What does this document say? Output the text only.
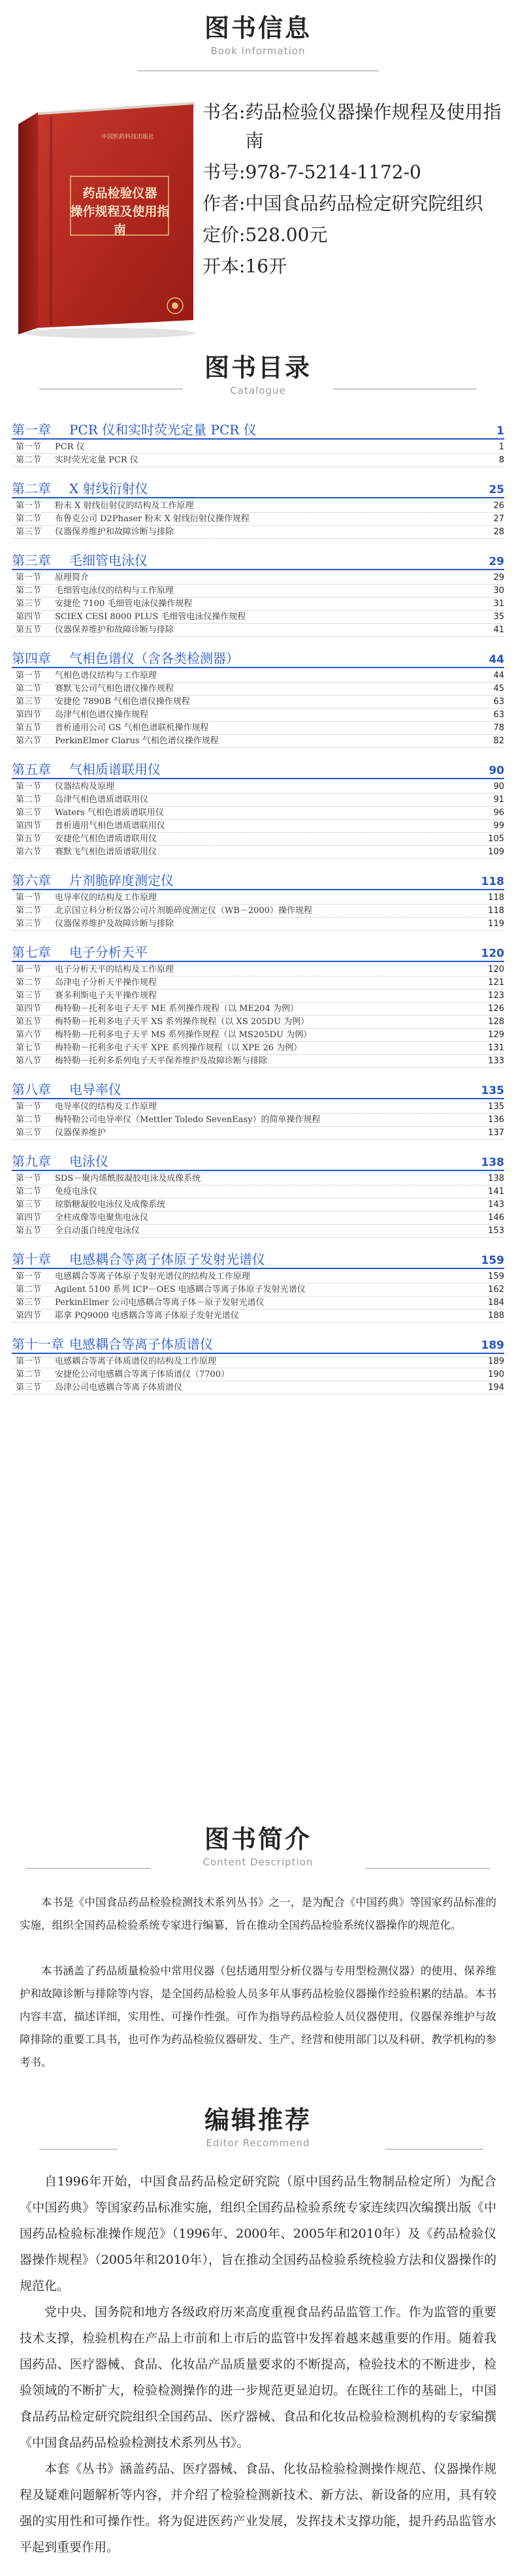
图书信息
Book Information
中国医药科技出版社
药品检验仪器
操作规程及使用指南
书名: 药品检验仪器操作规程及使用指南
书号: 978-7-5214-1172-0
作者: 中国食品药品检定研究院组织
定价: 528.00元
开本: 16开
图书目录
Catalogue
第一章	PCR 仪和实时荧光定量 PCR 仪	1
第一节	PCR 仪	1
第二节	实时荧光定量 PCR 仪	8
第二章	X 射线衍射仪	25
第一节	粉末 X 射线衍射仪的结构及工作原理	26
第二节	布鲁克公司 D2Phaser 粉末 X 射线衍射仪操作规程	27
第三节	仪器保养维护和故障诊断与排除	28
第三章	毛细管电泳仪	29
第一节	原理简介	29
第二节	毛细管电泳仪的结构与工作原理	30
第三节	安捷伦 7100 毛细管电泳仪操作规程	31
第四节	SCIEX CESI 8000 PLUS 毛细管电泳仪操作规程	35
第五节	仪器保养维护和故障诊断与排除	41
第四章	气相色谱仪（含各类检测器）	44
第一节	气相色谱仪结构与工作原理	44
第二节	赛默飞公司气相色谱仪操作规程	45
第三节	安捷伦 7890B 气相色谱仪操作规程	63
第四节	岛津气相色谱仪操作规程	63
第五节	普析通用公司 GS 气相色谱联机操作规程	78
第六节	PerkinElmer Clarus 气相色谱仪操作规程	82
第五章	气相质谱联用仪	90
第一节	仪器结构及原理	90
第二节	岛津气相色谱质谱联用仪	91
第三节	Waters 气相色谱质谱联用仪	96
第四节	普析通用气相色谱质谱联用仪	99
第五节	安捷伦气相色谱质谱联用仪	105
第六节	赛默飞气相色谱质谱联用仪	109
第六章	片剂脆碎度测定仪	118
第一节	电导率仪的结构及工作原理	118
第二节	北京国立科分析仪器公司片剂脆碎度测定仪（WB－2000）操作规程	118
第三节	仪器保养维护及故障诊断与排除	119
第七章	电子分析天平	120
第一节	电子分析天平的结构及工作原理	120
第二节	岛津电子分析天平操作规程	121
第三节	赛多利斯电子天平操作规程	123
第四节	梅特勒－托利多电子天平 ME 系列操作规程（以 ME204 为例）	126
第五节	梅特勒－托利多电子天平 XS 系列操作规程（以 XS 205DU 为例）	128
第六节	梅特勒－托利多电子天平 MS 系列操作规程（以 MS205DU 为例）	129
第七节	梅特勒－托利多电子天平 XPE 系列操作规程（以 XPE 26 为例）	131
第八节	梅特勒－托利多系列电子天平保养维护及故障诊断与排除	133
第八章	电导率仪	135
第一节	电导率仪的结构及工作原理	135
第二节	梅特勒公司电导率仪（Mettler Toledo SevenEasy）的简单操作规程	136
第三节	仪器保养维护	137
第九章	电泳仪	138
第一节	SDS－聚丙烯酰胺凝胶电泳及成像系统	138
第二节	免疫电泳仪	141
第三节	琼脂糖凝胶电泳仪及成像系统	143
第四节	全柱成像等电聚焦电泳仪	146
第五节	全自动蛋白纯度电泳仪	153
第十章	电感耦合等离子体原子发射光谱仪	159
第一节	电感耦合等离子体原子发射光谱仪的结构及工作原理	159
第二节	Agilent 5100 系列 ICP－OES 电感耦合等离子体原子发射光谱仪	162
第三节	PerkinElmer 公司电感耦合等离子体－原子发射光谱仪	184
第四节	耶拿 PQ9000 电感耦合等离子体原子发射光谱仪	188
第十一章 电感耦合等离子体质谱仪	189
第一节	电感耦合等离子体质谱仪的结构及工作原理	189
第二节	安捷伦公司电感耦合等离子体质谱仪（7700）	190
第三节	岛津公司电感耦合等离子体质谱仪	194
图书简介
Content Description
本书是《中国食品药品检验检测技术系列丛书》之一，是为配合《中国药典》等国家药品标准的实施，组织全国药品检验系统专家进行编纂，旨在推动全国药品检验系统仪器操作的规范化。
本书涵盖了药品质量检验中常用仪器（包括通用型分析仪器与专用型检测仪器）的使用、保养维护和故障诊断与排除等内容，是全国药品检验人员多年从事药品检验仪器操作经验积累的结晶。本书内容丰富，描述详细，实用性、可操作性强。可作为指导药品检验人员仪器使用、仪器保养维护与故障排除的重要工具书，也可作为药品检验仪器研发、生产、经营和使用部门以及科研、教学机构的参考书。
编辑推荐
Editor Recommend
自1996年开始，中国食品药品检定研究院（原中国药品生物制品检定所）为配合《中国药典》等国家药品标准实施，组织全国药品检验系统专家连续四次编撰出版《中国药品检验标准操作规范》（1996年、2000年、2005年和2010年）及《药品检验仪器操作规程》（2005年和2010年），旨在推动全国药品检验系统检验方法和仪器操作的规范化。
党中央、国务院和地方各级政府历来高度重视食品药品监管工作。作为监管的重要技术支撑，检验机构在产品上市前和上市后的监管中发挥着越来越重要的作用。随着我国药品、医疗器械、食品、化妆品产品质量要求的不断提高，检验技术的不断进步，检验领域的不断扩大，检验检测操作的进一步规范更显迫切。在既往工作的基础上，中国食品药品检定研究院组织全国药品、医疗器械、食品和化妆品检验检测机构的专家编撰《中国食品药品检验检测技术系列丛书》。
本套《丛书》涵盖药品、医疗器械、食品、化妆品检验检测操作规范、仪器操作规程及疑难问题解析等内容，并介绍了检验检测新技术、新方法、新设备的应用，具有较强的实用性和可操作性。将为促进医药产业发展，发挥技术支撑功能，提升药品监管水平起到重要作用。
